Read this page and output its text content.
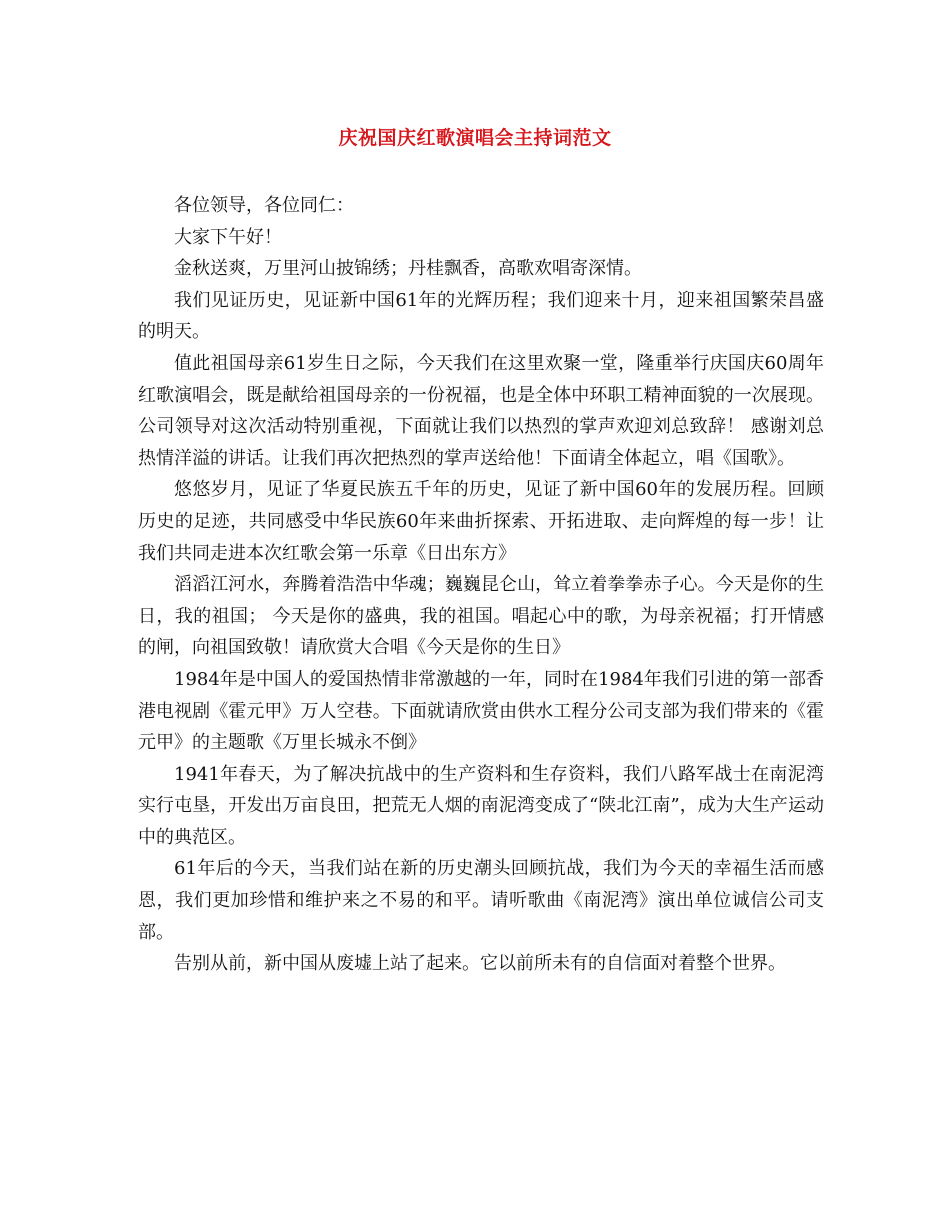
庆祝国庆红歌演唱会主持词范文

各位领导，各位同仁：

大家下午好！

金秋送爽，万里河山披锦绣；丹桂飘香，高歌欢唱寄深情。

我们见证历史，见证新中国61年的光辉历程；我们迎来十月，迎来祖国繁荣昌盛的明天。

值此祖国母亲61岁生日之际，今天我们在这里欢聚一堂，隆重举行庆国庆60周年红歌演唱会，既是献给祖国母亲的一份祝福，也是全体中环职工精神面貌的一次展现。公司领导对这次活动特别重视，下面就让我们以热烈的掌声欢迎刘总致辞！ 感谢刘总热情洋溢的讲话。让我们再次把热烈的掌声送给他！下面请全体起立，唱《国歌》。

悠悠岁月，见证了华夏民族五千年的历史，见证了新中国60年的发展历程。回顾历史的足迹，共同感受中华民族60年来曲折探索、开拓进取、走向辉煌的每一步！让我们共同走进本次红歌会第一乐章《日出东方》

滔滔江河水，奔腾着浩浩中华魂；巍巍昆仑山，耸立着拳拳赤子心。今天是你的生日，我的祖国； 今天是你的盛典，我的祖国。唱起心中的歌，为母亲祝福；打开情感的闸，向祖国致敬！请欣赏大合唱《今天是你的生日》

1984年是中国人的爱国热情非常激越的一年，同时在1984年我们引进的第一部香港电视剧《霍元甲》万人空巷。下面就请欣赏由供水工程分公司支部为我们带来的《霍元甲》的主题歌《万里长城永不倒》

1941年春天，为了解决抗战中的生产资料和生存资料，我们八路军战士在南泥湾实行屯垦，开发出万亩良田，把荒无人烟的南泥湾变成了“陕北江南”，成为大生产运动中的典范区。

61年后的今天，当我们站在新的历史潮头回顾抗战，我们为今天的幸福生活而感恩，我们更加珍惜和维护来之不易的和平。请听歌曲《南泥湾》演出单位诚信公司支部。

告别从前，新中国从废墟上站了起来。它以前所未有的自信面对着整个世界。
